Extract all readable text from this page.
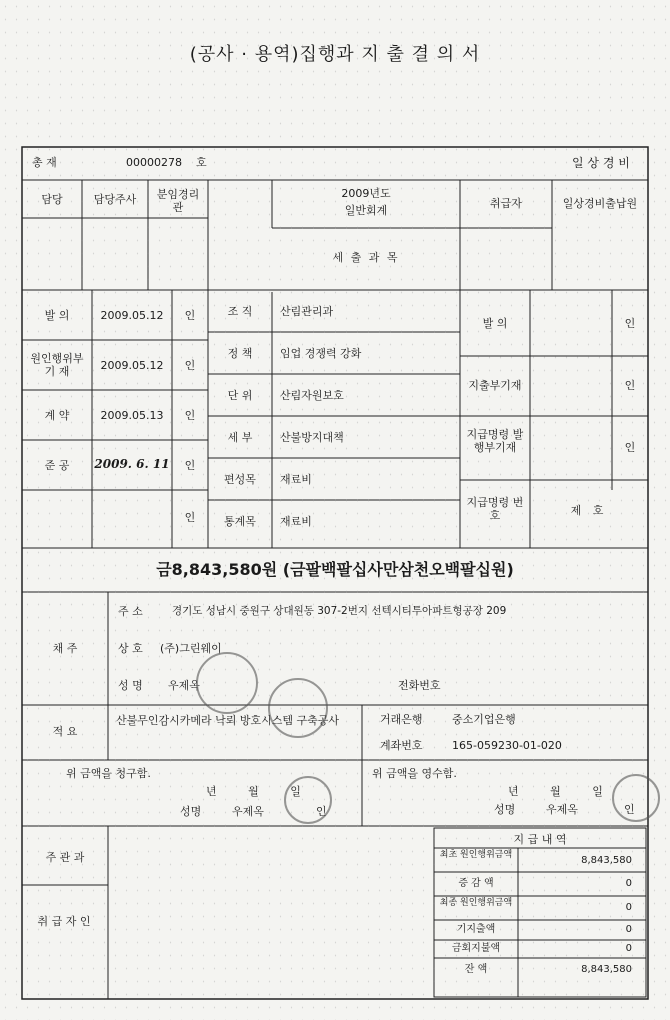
(공사 · 용역)집행과 지 출 결 의 서
총 재	00000278 호	일 상 경 비
담당	담당주사	분임경리관
2009년도
일반회계
취급자	일상경비출납원
세 출 과 목
발 의	2009.05.12	인
원인행위부 기 재	2009.05.12	인
계 약	2009.05.13	인
준 공	2009. 6. 11	인
인
조 직	산림관리과
정 책	임업 경쟁력 강화
단 위	산림자원보호
세 부	산불방지대책
편성목	재료비
통계목	재료비
발 의	인
지출부기재	인
지급명령 발행부기재	인
지급명령 번 호	제 호
금8,843,580원 (금팔백팔십사만삼천오백팔십원)
채 주
주 소	경기도 성남시 중원구 상대원동 307-2번지 선텍시티투아파트형공장 209
상 호 (주)그린웨이
성 명 우제옥	전화번호
적 요
산불무인감시카메라 낙뢰 방호시스템 구축공사	거래은행	중소기업은행
계좌번호	165-059230-01-020
위 금액을 청구함.
년 월 일
성명	우제옥	인
위 금액을 영수함.
년 월 일
성명	우제옥	인
주 관 과
취 급 자 인
지 급 내 역
최초 원인행위금액	8,843,580
증 감 액	0
최종 원인행위금액	0
기지출액	0
금회지불액	0
잔 액	8,843,580
